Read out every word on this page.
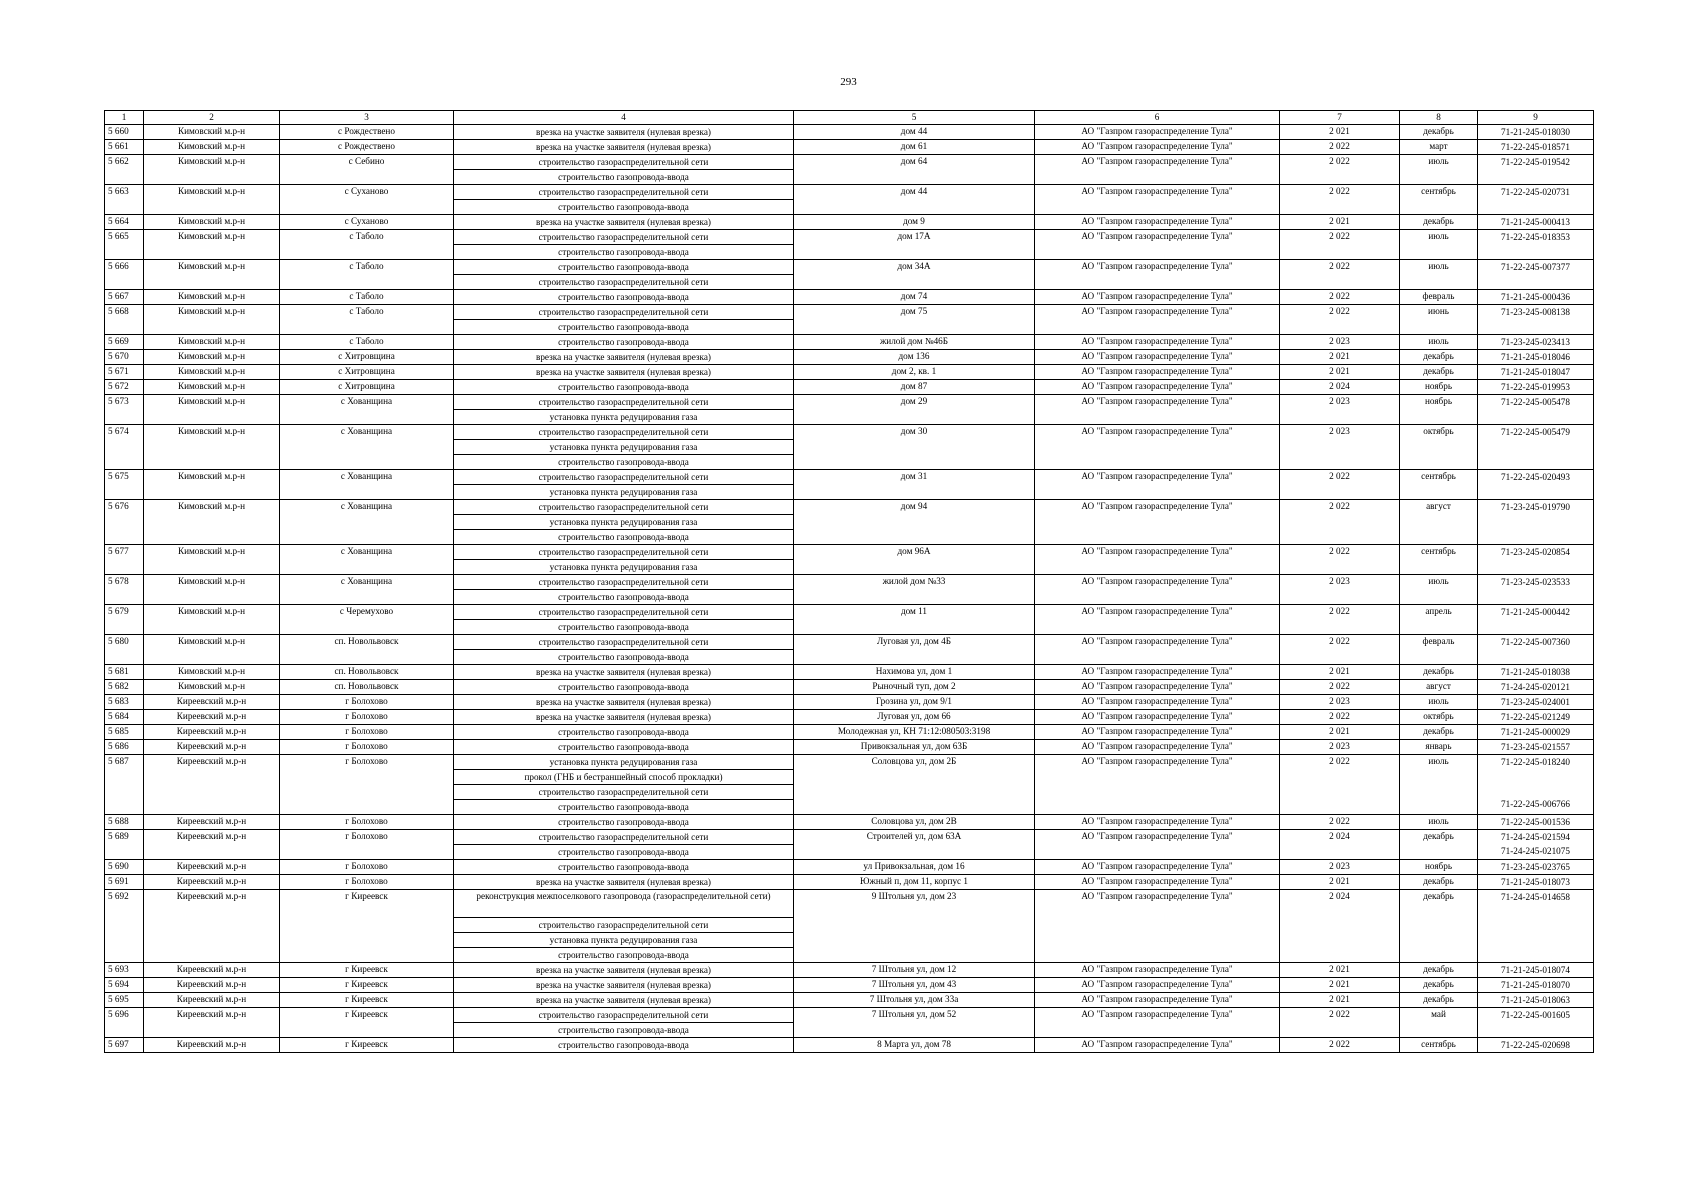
293
1	2	3	4	5	6	7	8	9
5 660	Кимовский м.р-н	с Рождествено	врезка на участке заявителя (нулевая врезка)	дом 44	АО "Газпром газораспределение Тула"	2 021	декабрь	71-21-245-018030

5 661	Кимовский м.р-н	с Рождествено	врезка на участке заявителя (нулевая врезка)	дом 61	АО "Газпром газораспределение Тула"	2 022	март	71-22-245-018571

5 662	Кимовский м.р-н	с Себино	строительство газораспределительной сети
строительство газопровода-ввода	дом 64	АО "Газпром газораспределение Тула"	2 022	июль	71-22-245-019542

5 663	Кимовский м.р-н	с Суханово	строительство газораспределительной сети
строительство газопровода-ввода	дом 44	АО "Газпром газораспределение Тула"	2 022	сентябрь	71-22-245-020731

5 664	Кимовский м.р-н	с Суханово	врезка на участке заявителя (нулевая врезка)	дом 9	АО "Газпром газораспределение Тула"	2 021	декабрь	71-21-245-000413

5 665	Кимовский м.р-н	с Таболо	строительство газораспределительной сети
строительство газопровода-ввода	дом 17А	АО "Газпром газораспределение Тула"	2 022	июль	71-22-245-018353

5 666	Кимовский м.р-н	с Таболо	строительство газопровода-ввода
строительство газораспределительной сети	дом 34А	АО "Газпром газораспределение Тула"	2 022	июль	71-22-245-007377

5 667	Кимовский м.р-н	с Таболо	строительство газопровода-ввода	дом 74	АО "Газпром газораспределение Тула"	2 022	февраль	71-21-245-000436

5 668	Кимовский м.р-н	с Таболо	строительство газораспределительной сети
строительство газопровода-ввода	дом 75	АО "Газпром газораспределение Тула"	2 022	июнь	71-23-245-008138

5 669	Кимовский м.р-н	с Таболо	строительство газопровода-ввода	жилой дом №46Б	АО "Газпром газораспределение Тула"	2 023	июль	71-23-245-023413

5 670	Кимовский м.р-н	с Хитровщина	врезка на участке заявителя (нулевая врезка)	дом 136	АО "Газпром газораспределение Тула"	2 021	декабрь	71-21-245-018046

5 671	Кимовский м.р-н	с Хитровщина	врезка на участке заявителя (нулевая врезка)	дом 2, кв. 1	АО "Газпром газораспределение Тула"	2 021	декабрь	71-21-245-018047

5 672	Кимовский м.р-н	с Хитровщина	строительство газопровода-ввода	дом 87	АО "Газпром газораспределение Тула"	2 024	ноябрь	71-22-245-019953

5 673	Кимовский м.р-н	с Хованщина	строительство газораспределительной сети
установка пункта редуцирования газа	дом 29	АО "Газпром газораспределение Тула"	2 023	ноябрь	71-22-245-005478

5 674	Кимовский м.р-н	с Хованщина	строительство газораспределительной сети
установка пункта редуцирования газа
строительство газопровода-ввода	дом 30	АО "Газпром газораспределение Тула"	2 023	октябрь	71-22-245-005479

5 675	Кимовский м.р-н	с Хованщина	строительство газораспределительной сети
установка пункта редуцирования газа	дом 31	АО "Газпром газораспределение Тула"	2 022	сентябрь	71-22-245-020493

5 676	Кимовский м.р-н	с Хованщина	строительство газораспределительной сети
установка пункта редуцирования газа
строительство газопровода-ввода	дом 94	АО "Газпром газораспределение Тула"	2 022	август	71-23-245-019790

5 677	Кимовский м.р-н	с Хованщина	строительство газораспределительной сети
установка пункта редуцирования газа	дом 96А	АО "Газпром газораспределение Тула"	2 022	сентябрь	71-23-245-020854

5 678	Кимовский м.р-н	с Хованщина	строительство газораспределительной сети
строительство газопровода-ввода	жилой дом №33	АО "Газпром газораспределение Тула"	2 023	июль	71-23-245-023533

5 679	Кимовский м.р-н	с Черемухово	строительство газораспределительной сети
строительство газопровода-ввода	дом 11	АО "Газпром газораспределение Тула"	2 022	апрель	71-21-245-000442

5 680	Кимовский м.р-н	сп. Новольвовск	строительство газораспределительной сети
строительство газопровода-ввода	Луговая ул, дом 4Б	АО "Газпром газораспределение Тула"	2 022	февраль	71-22-245-007360

5 681	Кимовский м.р-н	сп. Новольвовск	врезка на участке заявителя (нулевая врезка)	Нахимова ул, дом 1	АО "Газпром газораспределение Тула"	2 021	декабрь	71-21-245-018038

5 682	Кимовский м.р-н	сп. Новольвовск	строительство газопровода-ввода	Рыночный туп, дом 2	АО "Газпром газораспределение Тула"	2 022	август	71-24-245-020121

5 683	Киреевский м.р-н	г Болохово	врезка на участке заявителя (нулевая врезка)	Грозина ул, дом 9/1	АО "Газпром газораспределение Тула"	2 023	июль	71-23-245-024001

5 684	Киреевский м.р-н	г Болохово	врезка на участке заявителя (нулевая врезка)	Луговая ул, дом 66	АО "Газпром газораспределение Тула"	2 022	октябрь	71-22-245-021249

5 685	Киреевский м.р-н	г Болохово	строительство газопровода-ввода	Молодежная ул, КН 71:12:080503:3198	АО "Газпром газораспределение Тула"	2 021	декабрь	71-21-245-000029

5 686	Киреевский м.р-н	г Болохово	строительство газопровода-ввода	Привокзальная ул, дом 63Б	АО "Газпром газораспределение Тула"	2 023	январь	71-23-245-021557

5 687	Киреевский м.р-н	г Болохово	установка пункта редуцирования газа
прокол (ГНБ и бестраншейный способ прокладки)
строительство газораспределительной сети
строительство газопровода-ввода	Соловцова ул, дом 2Б	АО "Газпром газораспределение Тула"	2 022	июль	71-22-245-018240
71-22-245-006766

5 688	Киреевский м.р-н	г Болохово	строительство газопровода-ввода	Соловцова ул, дом 2В	АО "Газпром газораспределение Тула"	2 022	июль	71-22-245-001536

5 689	Киреевский м.р-н	г Болохово	строительство газораспределительной сети
строительство газопровода-ввода	Строителей ул, дом 63А	АО "Газпром газораспределение Тула"	2 024	декабрь	71-24-245-021594
71-24-245-021075

5 690	Киреевский м.р-н	г Болохово	строительство газопровода-ввода	ул Привокзальная, дом 16	АО "Газпром газораспределение Тула"	2 023	ноябрь	71-23-245-023765

5 691	Киреевский м.р-н	г Болохово	врезка на участке заявителя (нулевая врезка)	Южный п, дом 11, корпус 1	АО "Газпром газораспределение Тула"	2 021	декабрь	71-21-245-018073

5 692	Киреевский м.р-н	г Киреевск	реконструкция межпоселкового газопровода (газораспределительной сети)
строительство газораспределительной сети
установка пункта редуцирования газа
строительство газопровода-ввода	9 Штольня ул, дом 23	АО "Газпром газораспределение Тула"	2 024	декабрь	71-24-245-014658

5 693	Киреевский м.р-н	г Киреевск	врезка на участке заявителя (нулевая врезка)	7 Штольня ул, дом 12	АО "Газпром газораспределение Тула"	2 021	декабрь	71-21-245-018074

5 694	Киреевский м.р-н	г Киреевск	врезка на участке заявителя (нулевая врезка)	7 Штольня ул, дом 43	АО "Газпром газораспределение Тула"	2 021	декабрь	71-21-245-018070

5 695	Киреевский м.р-н	г Киреевск	врезка на участке заявителя (нулевая врезка)	7 Штольня ул, дом 33а	АО "Газпром газораспределение Тула"	2 021	декабрь	71-21-245-018063

5 696	Киреевский м.р-н	г Киреевск	строительство газораспределительной сети
строительство газопровода-ввода	7 Штольня ул, дом 52	АО "Газпром газораспределение Тула"	2 022	май	71-22-245-001605

5 697	Киреевский м.р-н	г Киреевск	строительство газопровода-ввода	8 Марта ул, дом 78	АО "Газпром газораспределение Тула"	2 022	сентябрь	71-22-245-020698
